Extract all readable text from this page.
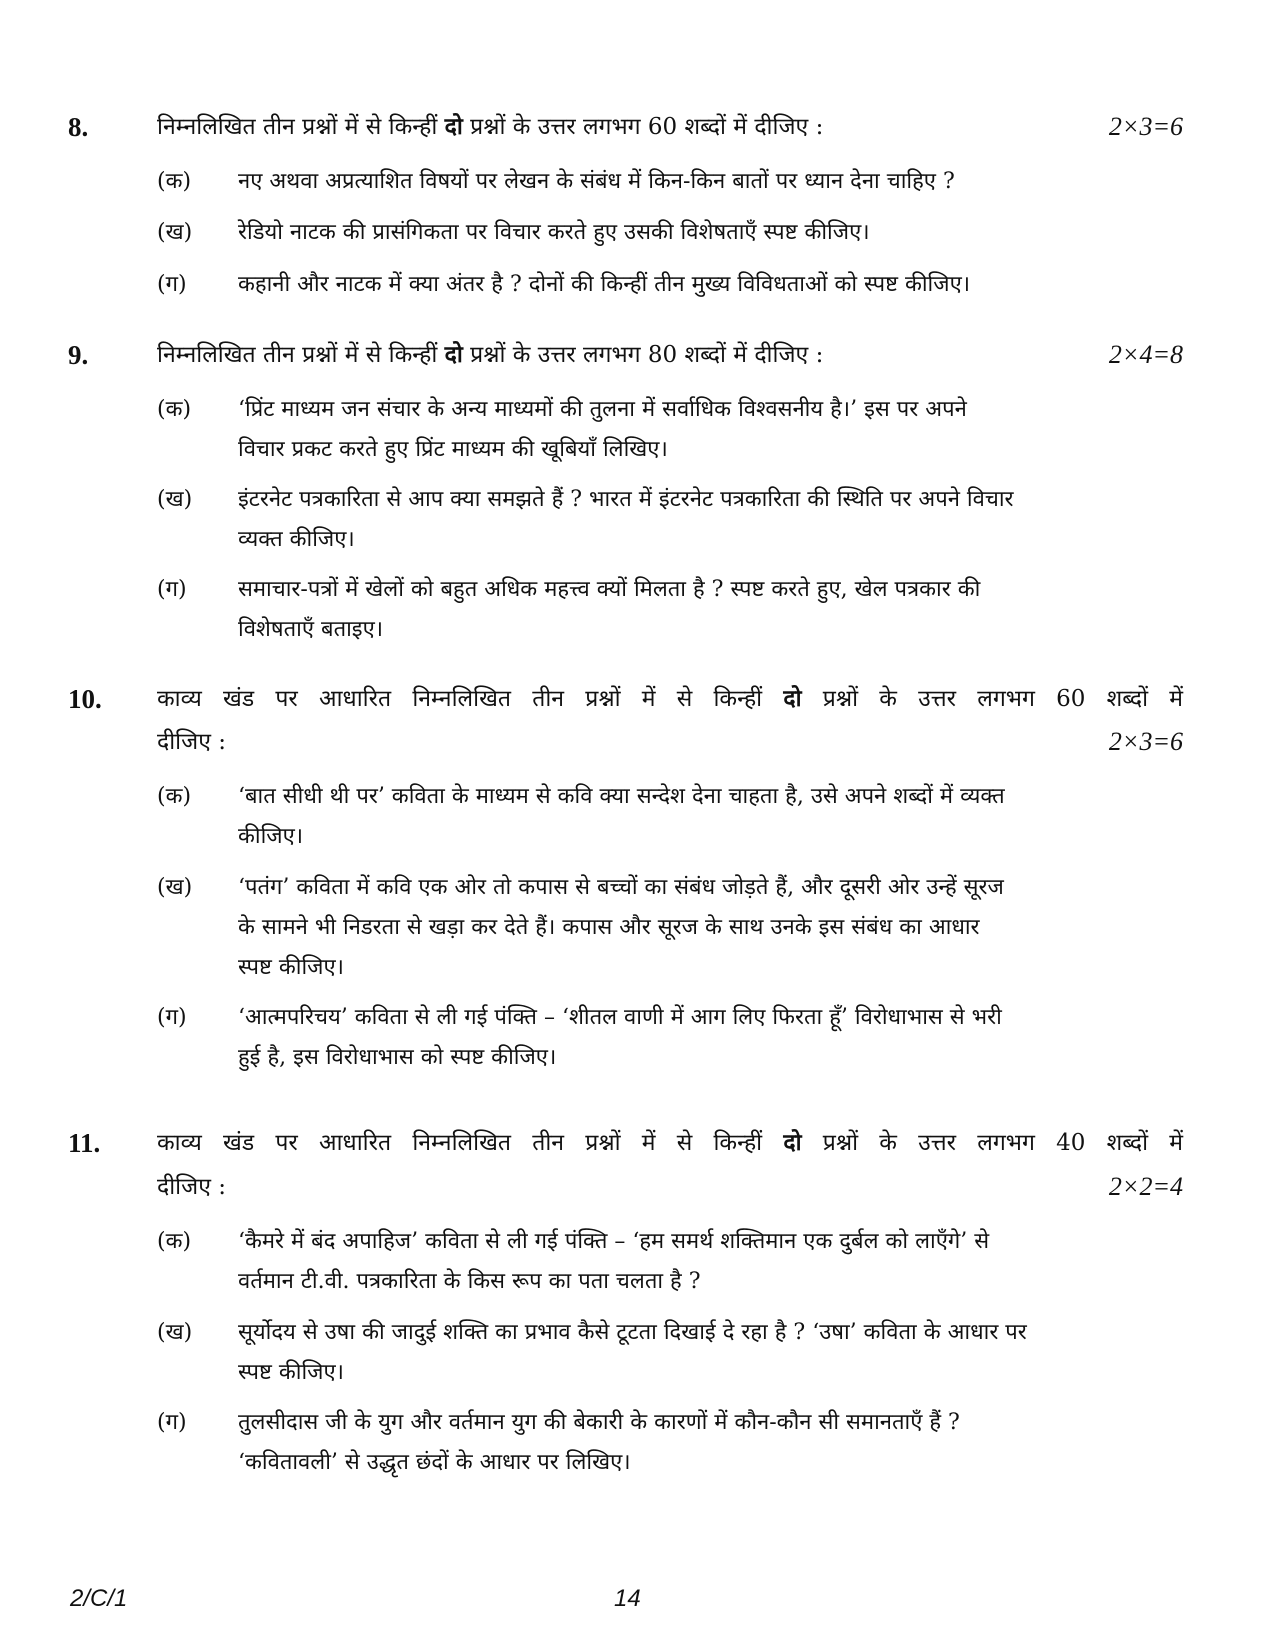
8.	निम्नलिखित तीन प्रश्नों में से किन्हीं दो प्रश्नों के उत्तर लगभग 60 शब्दों में दीजिए :	2×3=6
(क) नए अथवा अप्रत्याशित विषयों पर लेखन के संबंध में किन-किन बातों पर ध्यान देना चाहिए ?
(ख) रेडियो नाटक की प्रासंगिकता पर विचार करते हुए उसकी विशेषताएँ स्पष्ट कीजिए।
(ग) कहानी और नाटक में क्या अंतर है ? दोनों की किन्हीं तीन मुख्य विविधताओं को स्पष्ट कीजिए।
9.	निम्नलिखित तीन प्रश्नों में से किन्हीं दो प्रश्नों के उत्तर लगभग 80 शब्दों में दीजिए :	2×4=8
(क) ‘प्रिंट माध्यम जन संचार के अन्य माध्यमों की तुलना में सर्वाधिक विश्वसनीय है।’ इस पर अपने
विचार प्रकट करते हुए प्रिंट माध्यम की खूबियाँ लिखिए।
(ख) इंटरनेट पत्रकारिता से आप क्या समझते हैं ? भारत में इंटरनेट पत्रकारिता की स्थिति पर अपने विचार
व्यक्त कीजिए।
(ग) समाचार-पत्रों में खेलों को बहुत अधिक महत्त्व क्यों मिलता है ? स्पष्ट करते हुए, खेल पत्रकार की
विशेषताएँ बताइए।
10. काव्य खंड पर आधारित निम्नलिखित तीन प्रश्नों में से किन्हीं दो प्रश्नों के उत्तर लगभग 60 शब्दों में
दीजिए :	2×3=6
(क) ‘बात सीधी थी पर’ कविता के माध्यम से कवि क्या सन्देश देना चाहता है, उसे अपने शब्दों में व्यक्त
कीजिए।
(ख) ‘पतंग’ कविता में कवि एक ओर तो कपास से बच्चों का संबंध जोड़ते हैं, और दूसरी ओर उन्हें सूरज
के सामने भी निडरता से खड़ा कर देते हैं। कपास और सूरज के साथ उनके इस संबंध का आधार
स्पष्ट कीजिए।
(ग) ‘आत्मपरिचय’ कविता से ली गई पंक्ति – ‘शीतल वाणी में आग लिए फिरता हूँ’ विरोधाभास से भरी
हुई है, इस विरोधाभास को स्पष्ट कीजिए।
11. काव्य खंड पर आधारित निम्नलिखित तीन प्रश्नों में से किन्हीं दो प्रश्नों के उत्तर लगभग 40 शब्दों में
दीजिए :	2×2=4
(क) ‘कैमरे में बंद अपाहिज’ कविता से ली गई पंक्ति – ‘हम समर्थ शक्तिमान एक दुर्बल को लाएँगे’ से
वर्तमान टी.वी. पत्रकारिता के किस रूप का पता चलता है ?
(ख) सूर्योदय से उषा की जादुई शक्ति का प्रभाव कैसे टूटता दिखाई दे रहा है ? ‘उषा’ कविता के आधार पर
स्पष्ट कीजिए।
(ग) तुलसीदास जी के युग और वर्तमान युग की बेकारी के कारणों में कौन-कौन सी समानताएँ हैं ?
‘कवितावली’ से उद्धृत छंदों के आधार पर लिखिए।
2/C/1	14
